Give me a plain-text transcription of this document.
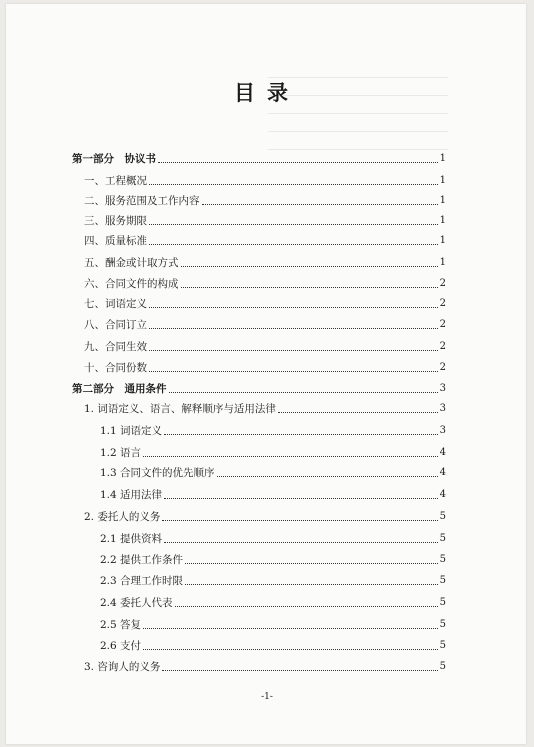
目录
第一部分　协议书	1
一、工程概况	1
二、服务范围及工作内容	1
三、服务期限	1
四、质量标准	1
五、酬金或计取方式	1
六、合同文件的构成	2
七、词语定义	2
八、合同订立	2
九、合同生效	2
十、合同份数	2
第二部分　通用条件	3
1. 词语定义、语言、解释顺序与适用法律	3
1.1 词语定义	3
1.2 语言	4
1.3 合同文件的优先顺序	4
1.4 适用法律	4
2. 委托人的义务	5
2.1 提供资料	5
2.2 提供工作条件	5
2.3 合理工作时限	5
2.4 委托人代表	5
2.5 答复	5
2.6 支付	5
3. 咨询人的义务	5
-1-
